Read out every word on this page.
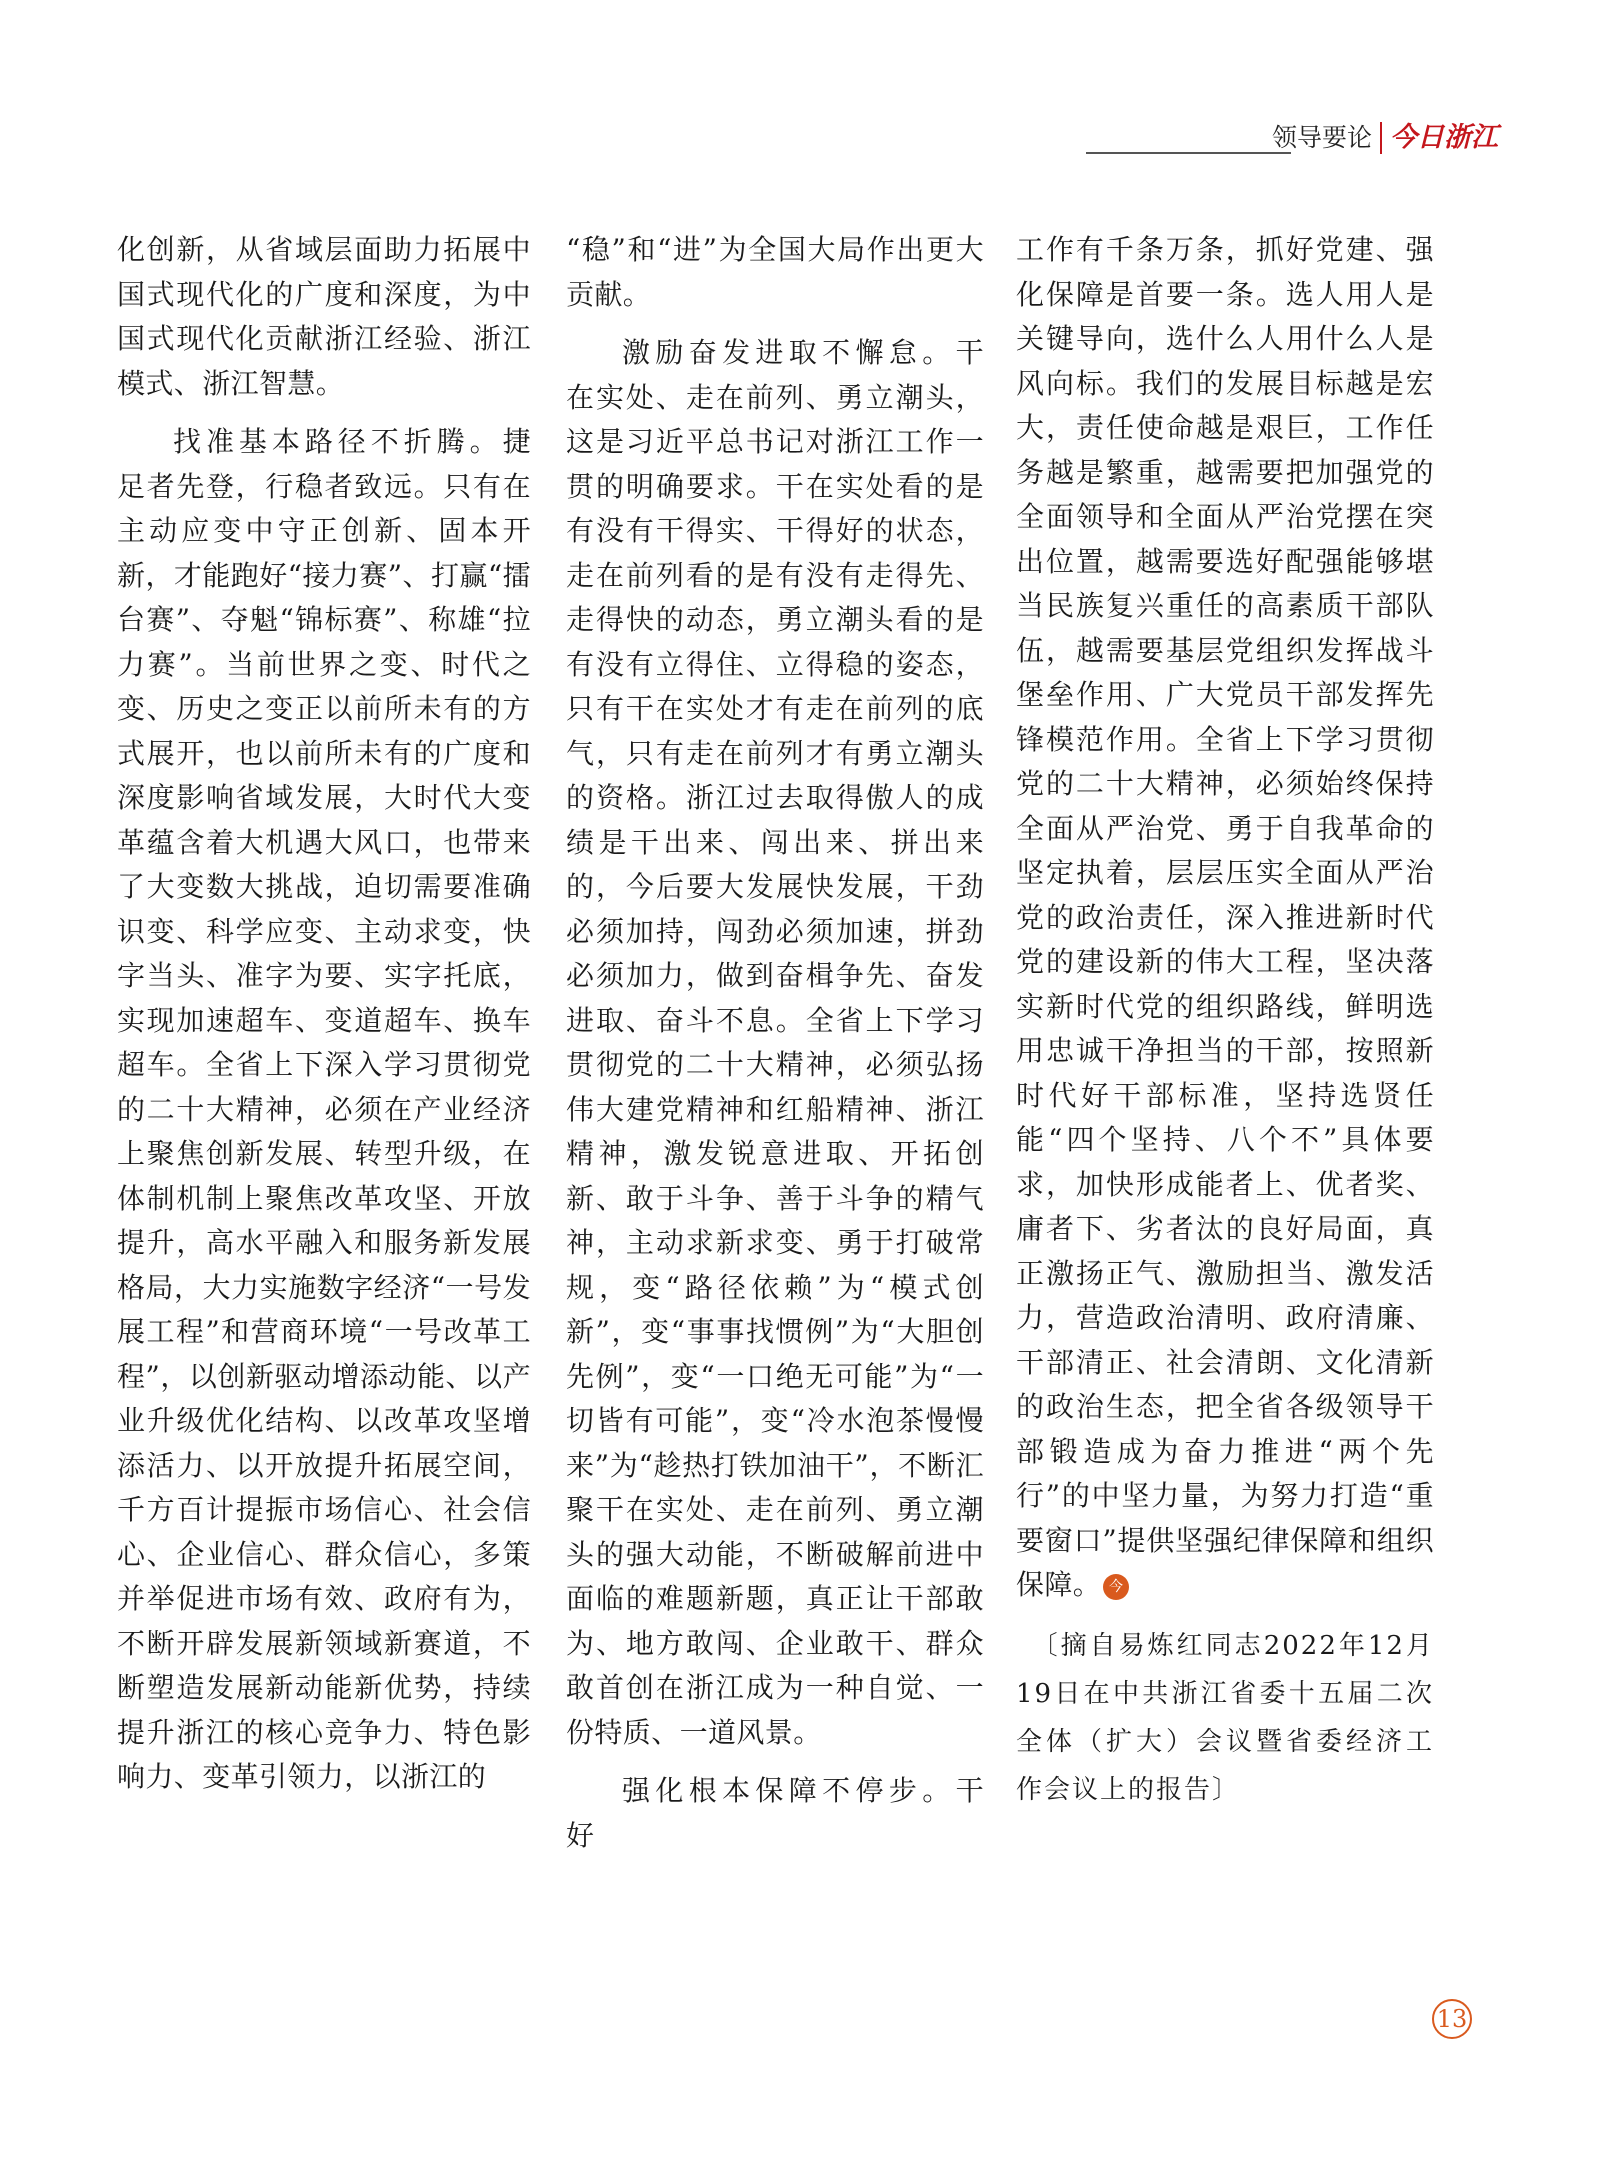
领导要论 今日浙江

化创新，从省域层面助力拓展中国式现代化的广度和深度，为中国式现代化贡献浙江经验、浙江模式、浙江智慧。

找准基本路径不折腾。捷足者先登，行稳者致远。只有在主动应变中守正创新、固本开新，才能跑好“接力赛”、打赢“擂台赛”、夺魁“锦标赛”、称雄“拉力赛”。当前世界之变、时代之变、历史之变正以前所未有的方式展开，也以前所未有的广度和深度影响省域发展，大时代大变革蕴含着大机遇大风口，也带来了大变数大挑战，迫切需要准确识变、科学应变、主动求变，快字当头、准字为要、实字托底，实现加速超车、变道超车、换车超车。全省上下深入学习贯彻党的二十大精神，必须在产业经济上聚焦创新发展、转型升级，在体制机制上聚焦改革攻坚、开放提升，高水平融入和服务新发展格局，大力实施数字经济“一号发展工程”和营商环境“一号改革工程”，以创新驱动增添动能、以产业升级优化结构、以改革攻坚增添活力、以开放提升拓展空间，千方百计提振市场信心、社会信心、企业信心、群众信心，多策并举促进市场有效、政府有为，不断开辟发展新领域新赛道，不断塑造发展新动能新优势，持续提升浙江的核心竞争力、特色影响力、变革引领力，以浙江的

“稳”和“进”为全国大局作出更大贡献。

激励奋发进取不懈怠。干在实处、走在前列、勇立潮头，这是习近平总书记对浙江工作一贯的明确要求。干在实处看的是有没有干得实、干得好的状态，走在前列看的是有没有走得先、走得快的动态，勇立潮头看的是有没有立得住、立得稳的姿态，只有干在实处才有走在前列的底气，只有走在前列才有勇立潮头的资格。浙江过去取得傲人的成绩是干出来、闯出来、拼出来的，今后要大发展快发展，干劲必须加持，闯劲必须加速，拼劲必须加力，做到奋楫争先、奋发进取、奋斗不息。全省上下学习贯彻党的二十大精神，必须弘扬伟大建党精神和红船精神、浙江精神，激发锐意进取、开拓创新、敢于斗争、善于斗争的精气神，主动求新求变、勇于打破常规，变“路径依赖”为“模式创新”，变“事事找惯例”为“大胆创先例”，变“一口绝无可能”为“一切皆有可能”，变“冷水泡茶慢慢来”为“趁热打铁加油干”，不断汇聚干在实处、走在前列、勇立潮头的强大动能，不断破解前进中面临的难题新题，真正让干部敢为、地方敢闯、企业敢干、群众敢首创在浙江成为一种自觉、一份特质、一道风景。

强化根本保障不停步。干好

工作有千条万条，抓好党建、强化保障是首要一条。选人用人是关键导向，选什么人用什么人是风向标。我们的发展目标越是宏大，责任使命越是艰巨，工作任务越是繁重，越需要把加强党的全面领导和全面从严治党摆在突出位置，越需要选好配强能够堪当民族复兴重任的高素质干部队伍，越需要基层党组织发挥战斗堡垒作用、广大党员干部发挥先锋模范作用。全省上下学习贯彻党的二十大精神，必须始终保持全面从严治党、勇于自我革命的坚定执着，层层压实全面从严治党的政治责任，深入推进新时代党的建设新的伟大工程，坚决落实新时代党的组织路线，鲜明选用忠诚干净担当的干部，按照新时代好干部标准，坚持选贤任能“四个坚持、八个不”具体要求，加快形成能者上、优者奖、庸者下、劣者汰的良好局面，真正激扬正气、激励担当、激发活力，营造政治清明、政府清廉、干部清正、社会清朗、文化清新的政治生态，把全省各级领导干部锻造成为奋力推进“两个先行”的中坚力量，为努力打造“重要窗口”提供坚强纪律保障和组织保障。 今

〔摘自易炼红同志2022年12月19日在中共浙江省委十五届二次全体（扩大）会议暨省委经济工作会议上的报告〕

13
